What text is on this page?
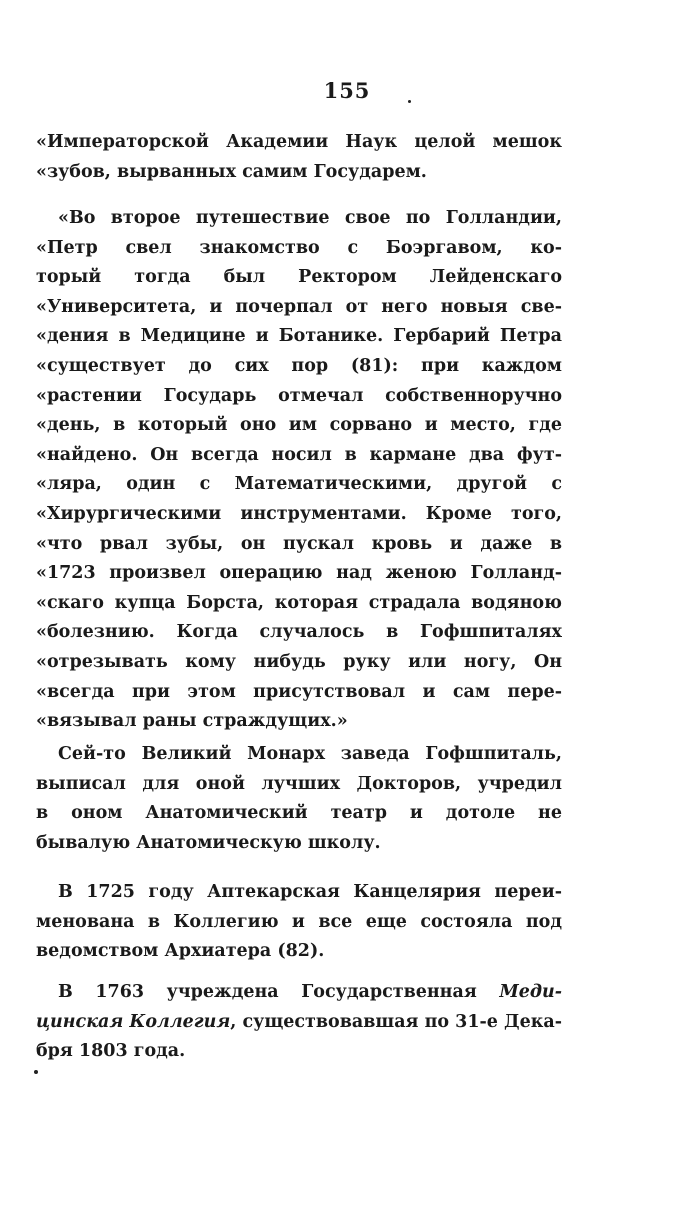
155
«Императорской Академии Наук целой мешок
«зубов, вырванных самим Государем.
«Во второе путешествие свое по Голландии,
«Петр свел знакомство с Боэргавом, ко-
торый тогда был Ректором Лейденскаго
«Университета, и почерпал от него новыя све-
«дения в Медицине и Ботанике. Гербарий Петра
«существует до сих пор (81): при каждом
«растении Государь отмечал собственноручно
«день, в который оно им сорвано и место, где
«найдено. Он всегда носил в кармане два фут-
«ляра, один с Математическими, другой с
«Хирургическими инструментами. Кроме того,
«что рвал зубы, он пускал кровь и даже в
«1723 произвел операцию над женою Голланд-
«скаго купца Борста, которая страдала водяною
«болезнию. Когда случалось в Гофшпиталях
«отрезывать кому нибудь руку или ногу, Он
«всегда при этом присутствовал и сам пере-
«вязывал раны страждущих.»
Сей-то Великий Монарх заведа Гофшпиталь,
выписал для оной лучших Докторов, учредил
в оном Анатомический театр и дотоле не
бывалую Анатомическую школу.
В 1725 году Аптекарская Канцелярия переи-
менована в Коллегию и все еще состояла под
ведомством Архиатера (82).
В 1763 учреждена Государственная Меди-
цинская Коллегия, существовавшая по 31-е Дека-
бря 1803 года.
